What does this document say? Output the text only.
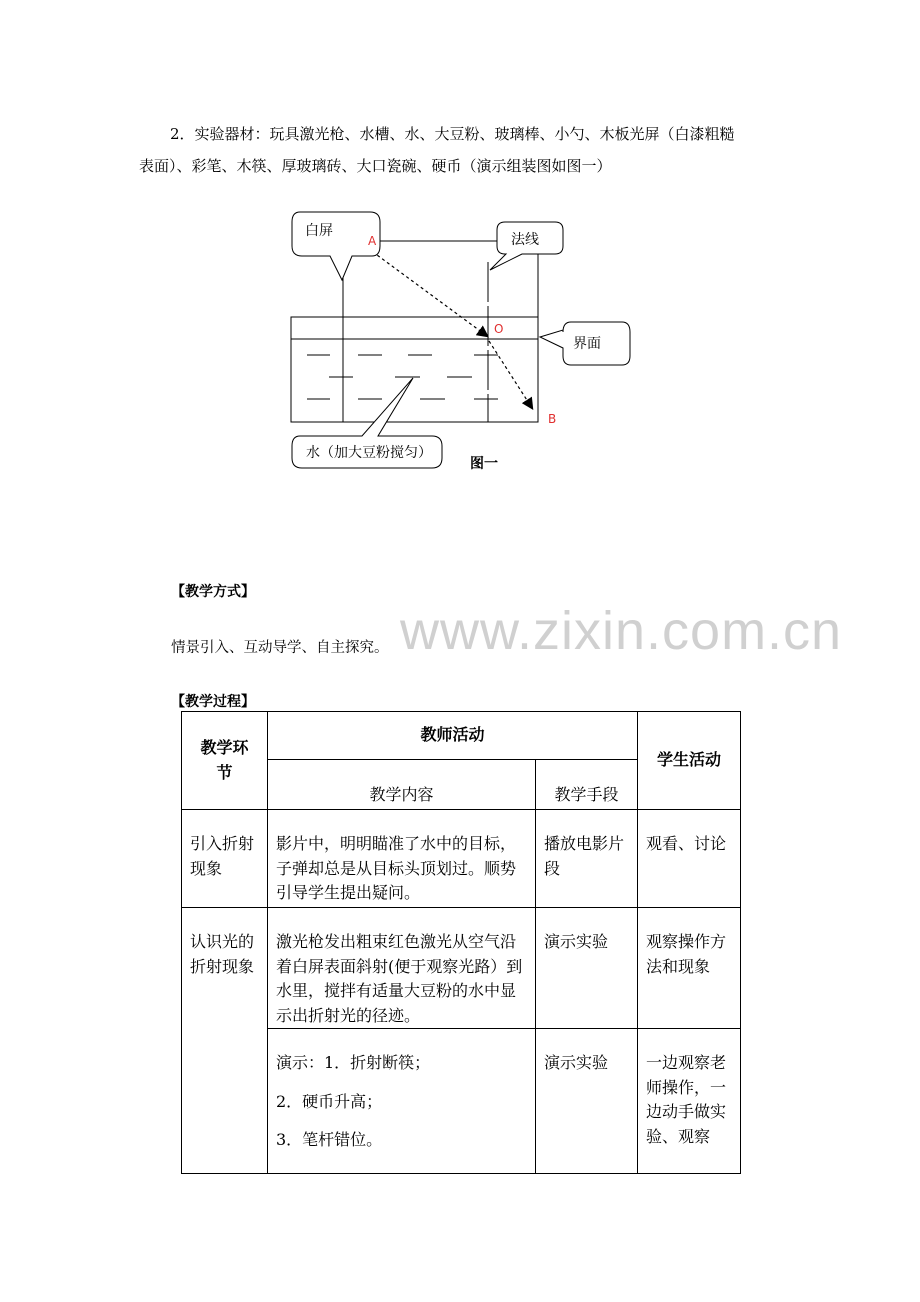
2．实验器材：玩具激光枪、水槽、水、大豆粉、玻璃棒、小勺、木板光屏（白漆粗糙
表面）、彩笔、木筷、厚玻璃砖、大口瓷碗、硬币（演示组装图如图一）
白屏
法线
界面
水（加大豆粉搅匀）
A
O
B
图一
www.zixin.com.cn
【教学方式】
情景引入、互动导学、自主探究。
【教学过程】
教学环节	教师活动		学生活动
	教学内容	教学手段	
引入折射现象	影片中，明明瞄准了水中的目标，子弹却总是从目标头顶划过。顺势引导学生提出疑问。	播放电影片段	观看、讨论
认识光的折射现象	激光枪发出粗束红色激光从空气沿着白屏表面斜射(便于观察光路）到水里，搅拌有适量大豆粉的水中显示出折射光的径迹。	演示实验	观察操作方法和现象

	演示：1．折射断筷；

2．硬币升高；

3．笔杆错位。	演示实验	一边观察老师操作，一边动手做实验、观察
